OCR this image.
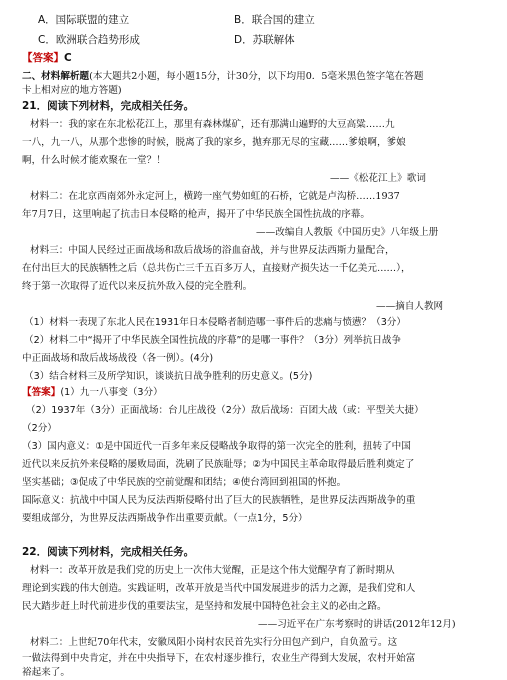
A．国际联盟的建立	B．联合国的建立
C．欧洲联合趋势形成	D．苏联解体
【答案】C
二、材料解析题(本大题共2小题，每小题15分，计30分，以下均用0．5毫米黑色签字笔在答题
卡上相对应的地方答题)
21．阅读下列材料，完成相关任务。
材料一：我的家在东北松花江上，那里有森林煤矿，还有那满山遍野的大豆高粱……九
一八，九一八，从那个悲惨的时候，脱离了我的家乡，抛弃那无尽的宝藏……爹娘啊，爹娘
啊，什么时候才能欢聚在一堂？！
——《松花江上》歌词
材料二：在北京西南郊外永定河上，横跨一座气势如虹的石桥，它就是卢沟桥……1937
年7月7日，这里响起了抗击日本侵略的枪声，揭开了中华民族全国性抗战的序幕。
——改编自人教版《中国历史》八年级上册
材料三：中国人民经过正面战场和敌后战场的浴血奋战，并与世界反法西斯力量配合，
在付出巨大的民族牺牲之后（总共伤亡三千五百多万人，直接财产损失达一千亿美元……），
终于第一次取得了近代以来反抗外敌入侵的完全胜利。
——摘自人教网
（1）材料一表现了东北人民在1931年日本侵略者制造哪一事件后的悲痛与愤懑？（3分）
（2）材料二中“揭开了中华民族全国性抗战的序幕”的是哪一事件？（3分）列举抗日战争
中正面战场和敌后战场战役（各一例）。(4分)
（3）结合材料三及所学知识，谈谈抗日战争胜利的历史意义。(5分)
【答案】(1）九一八事变（3分）
（2）1937年（3分）正面战场：台儿庄战役（2分）敌后战场：百团大战（或：平型关大捷）
（2分）
（3）国内意义：①是中国近代一百多年来反侵略战争取得的第一次完全的胜利，扭转了中国
近代以来反抗外来侵略的屡败局面，洗刷了民族耻辱；②为中国民主革命取得最后胜利奠定了
坚实基础；③促成了中华民族的空前觉醒和团结；④使台湾回到祖国的怀抱。
国际意义：抗战中中国人民为反法西斯侵略付出了巨大的民族牺牲，是世界反法西斯战争的重
要组成部分，为世界反法西斯战争作出重要贡献。（一点1分，5分）
22．阅读下列材料，完成相关任务。
材料一：改革开放是我们党的历史上一次伟大觉醒，正是这个伟大觉醒孕育了新时期从
理论到实践的伟大创造。实践证明，改革开放是当代中国发展进步的活力之源，是我们党和人
民大踏步赶上时代前进步伐的重要法宝，是坚持和发展中国特色社会主义的必由之路。
——习近平在广东考察时的讲话(2012年12月)
材料二：上世纪70年代末，安徽凤阳小岗村农民首先实行分田包产到户，自负盈亏。这
一做法得到中央肯定，并在中央指导下，在农村逐步推行，农业生产得到大发展，农村开始富
裕起来了。
